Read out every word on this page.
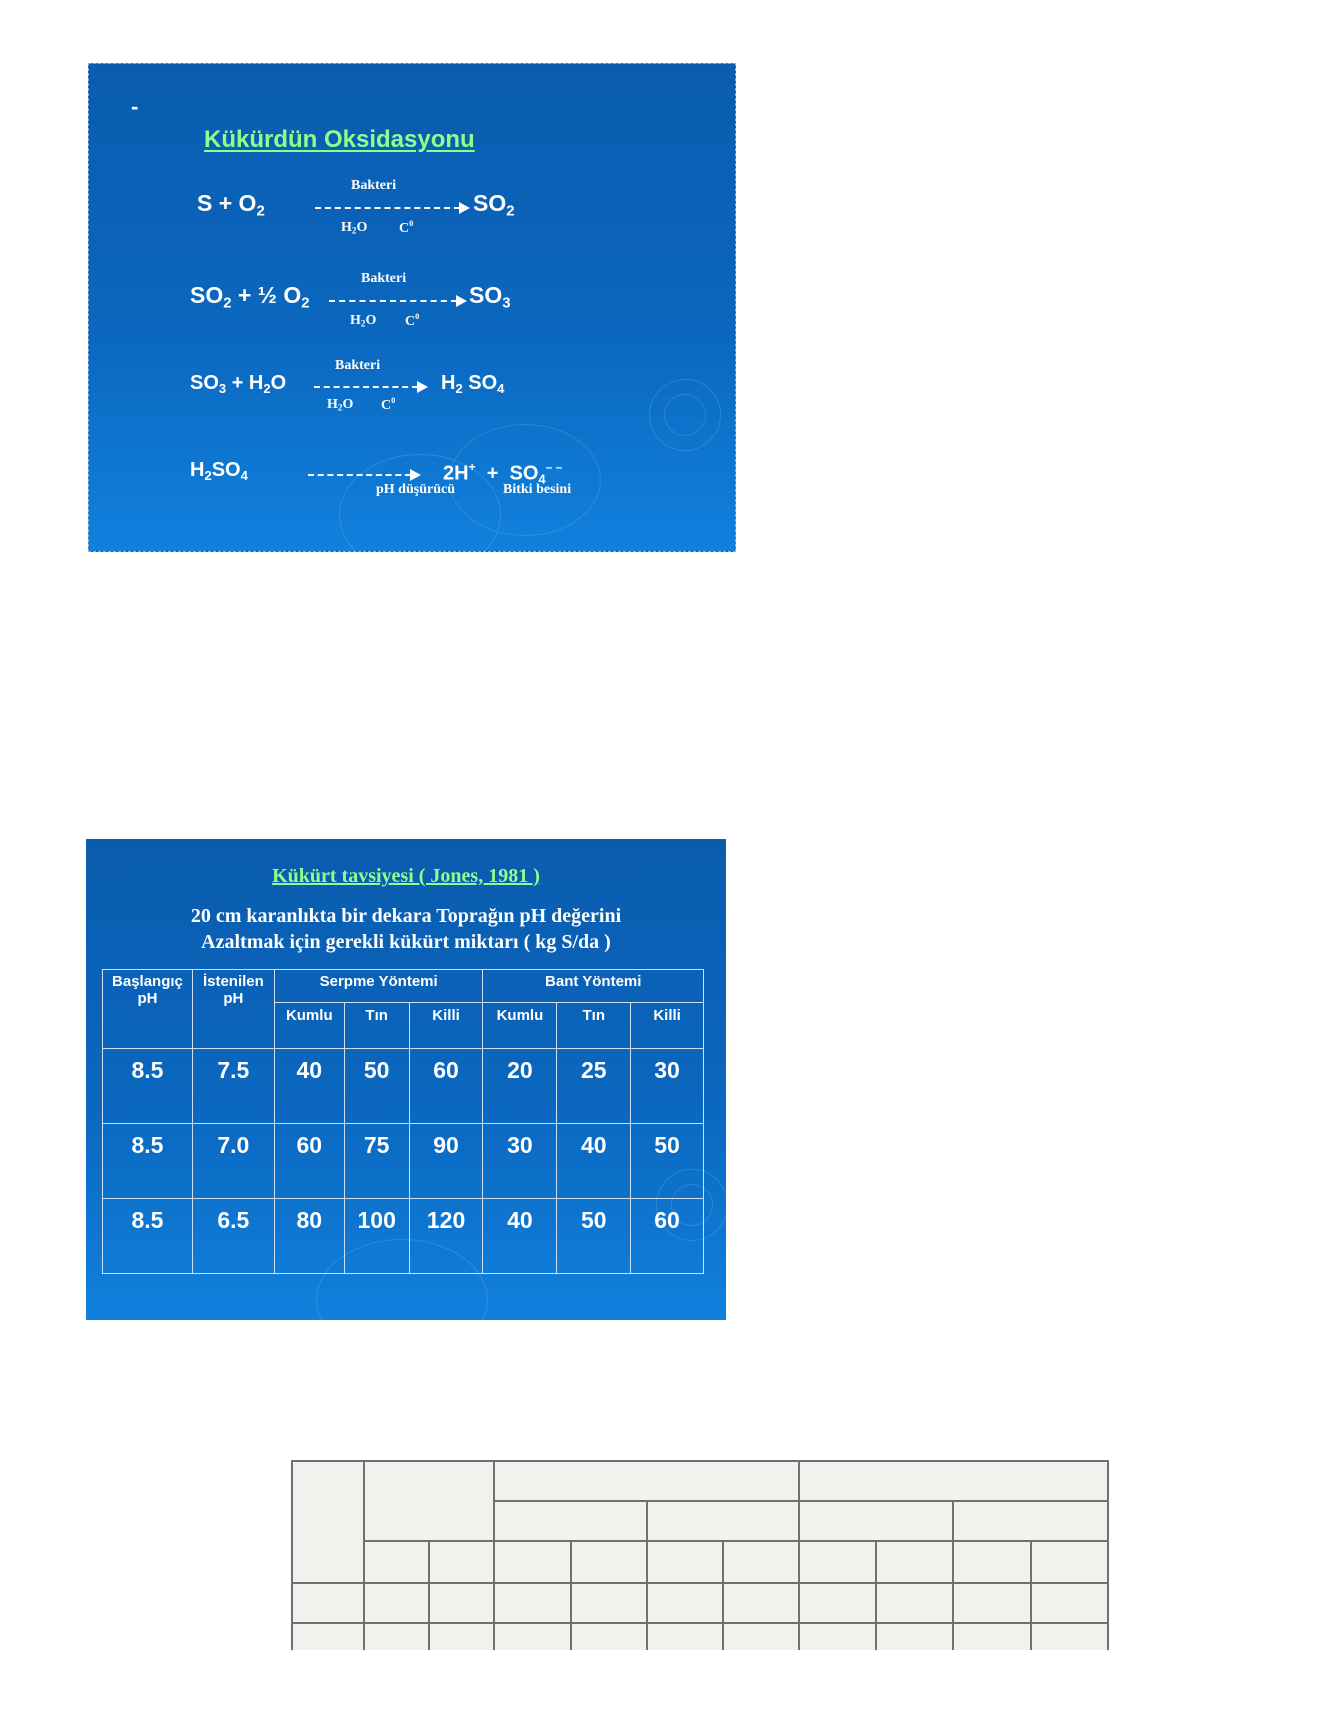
-
Kükürdün Oksidasyonu
$S + O_2$
Bakteri
$H_2O$ $C^0$
$SO_2$
$SO_2$ + ½ $O_2$
Bakteri
$H_2O$ $C^0$
$SO_3$
$SO_3 + H_2O$
Bakteri
$H_2O$ $C^0$
$H_2$ $SO_4$
$H_2SO_4$	$2H^+ + SO_4^{- -}$
pH düşürücü	Bitki besini
Kükürt tavsiyesi ( Jones, 1981 )
20 cm karanlıkta bir dekara Toprağın pH değerini
Azaltmak için gerekli kükürt miktarı ( kg S/da )
Başlangıç pH	İstenilen pH	Serpme Yöntemi			Bant Yöntemi		
		Kumlu	Tın	Killi	Kumlu	Tın	Killi
8.5	7.5	40	50	60	20	25	30
8.5	7.0	60	75	90	30	40	50
8.5	6.5	80	100	120	40	50	60
